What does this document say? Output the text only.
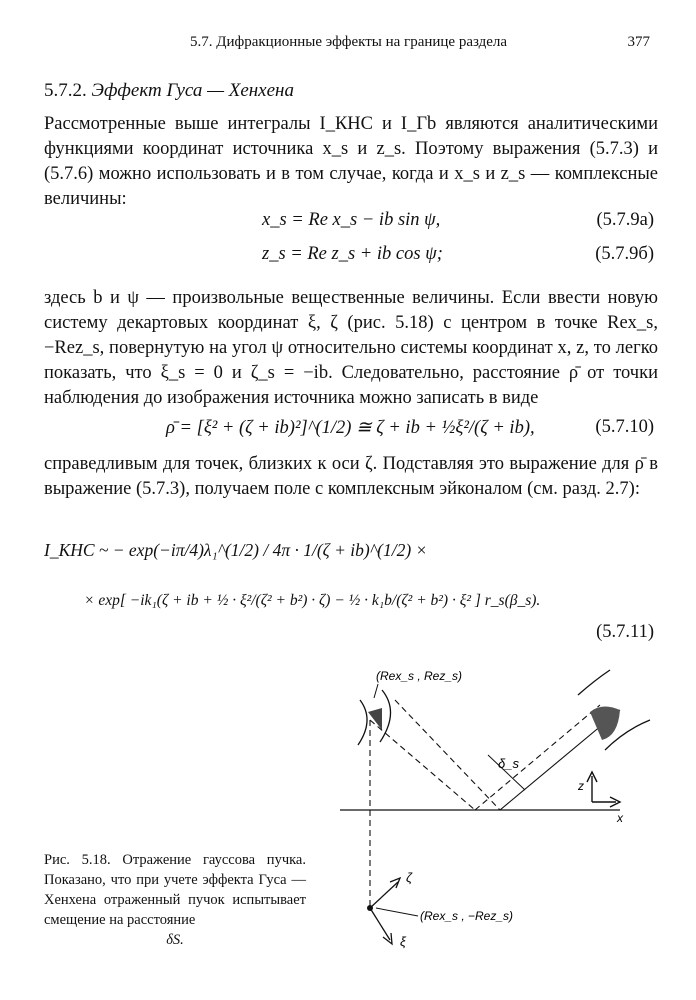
5.7. Дифракционные эффекты на границе раздела	377
5.7.2. Эффект Гуса — Хенхена
Рассмотренные выше интегралы I_КНС и I_Гb являются аналитическими функциями координат источника x_s и z_s. Поэтому выражения (5.7.3) и (5.7.6) можно использовать и в том случае, когда и x_s и z_s — комплексные величины:
x_s = Re x_s − ib sin ψ,	(5.7.9а)
z_s = Re z_s + ib cos ψ;	(5.7.9б)
здесь b и ψ — произвольные вещественные величины. Если ввести новую систему декартовых координат ξ, ζ (рис. 5.18) с центром в точке Rex_s, −Rez_s, повернутую на угол ψ относительно системы координат x, z, то легко показать, что ξ_s = 0 и ζ_s = −ib. Следовательно, расстояние ρ̄ от точки наблюдения до изображения источника можно записать в виде
ρ̄ = [ξ² + (ζ + ib)²]^(1/2) ≅ ζ + ib + ½ξ²/(ζ + ib),	(5.7.10)
справедливым для точек, близких к оси ζ. Подставляя это выражение для ρ̄ в выражение (5.7.3), получаем поле с комплексным эйконалом (см. разд. 2.7):
I_КНС ~ − exp(−iπ/4)λ₁^(1/2) / 4π · 1/(ζ + ib)^(1/2) ×
× exp[ −ik₁(ζ + ib + ½ · ξ²/(ζ² + b²) · ζ) − ½ · k₁b/(ζ² + b²) · ξ² ] r_s(β_s).
(5.7.11)
δ_s
z
x
ζ
ξ
(Rex_s , Rez_s)
(Rex_s , −Rez_s)
Рис. 5.18. Отражение гауссова пучка. Показано, что при учете эффекта Гуса — Хенхена отраженный пучок испытывает смещение на расстояние
δS.
